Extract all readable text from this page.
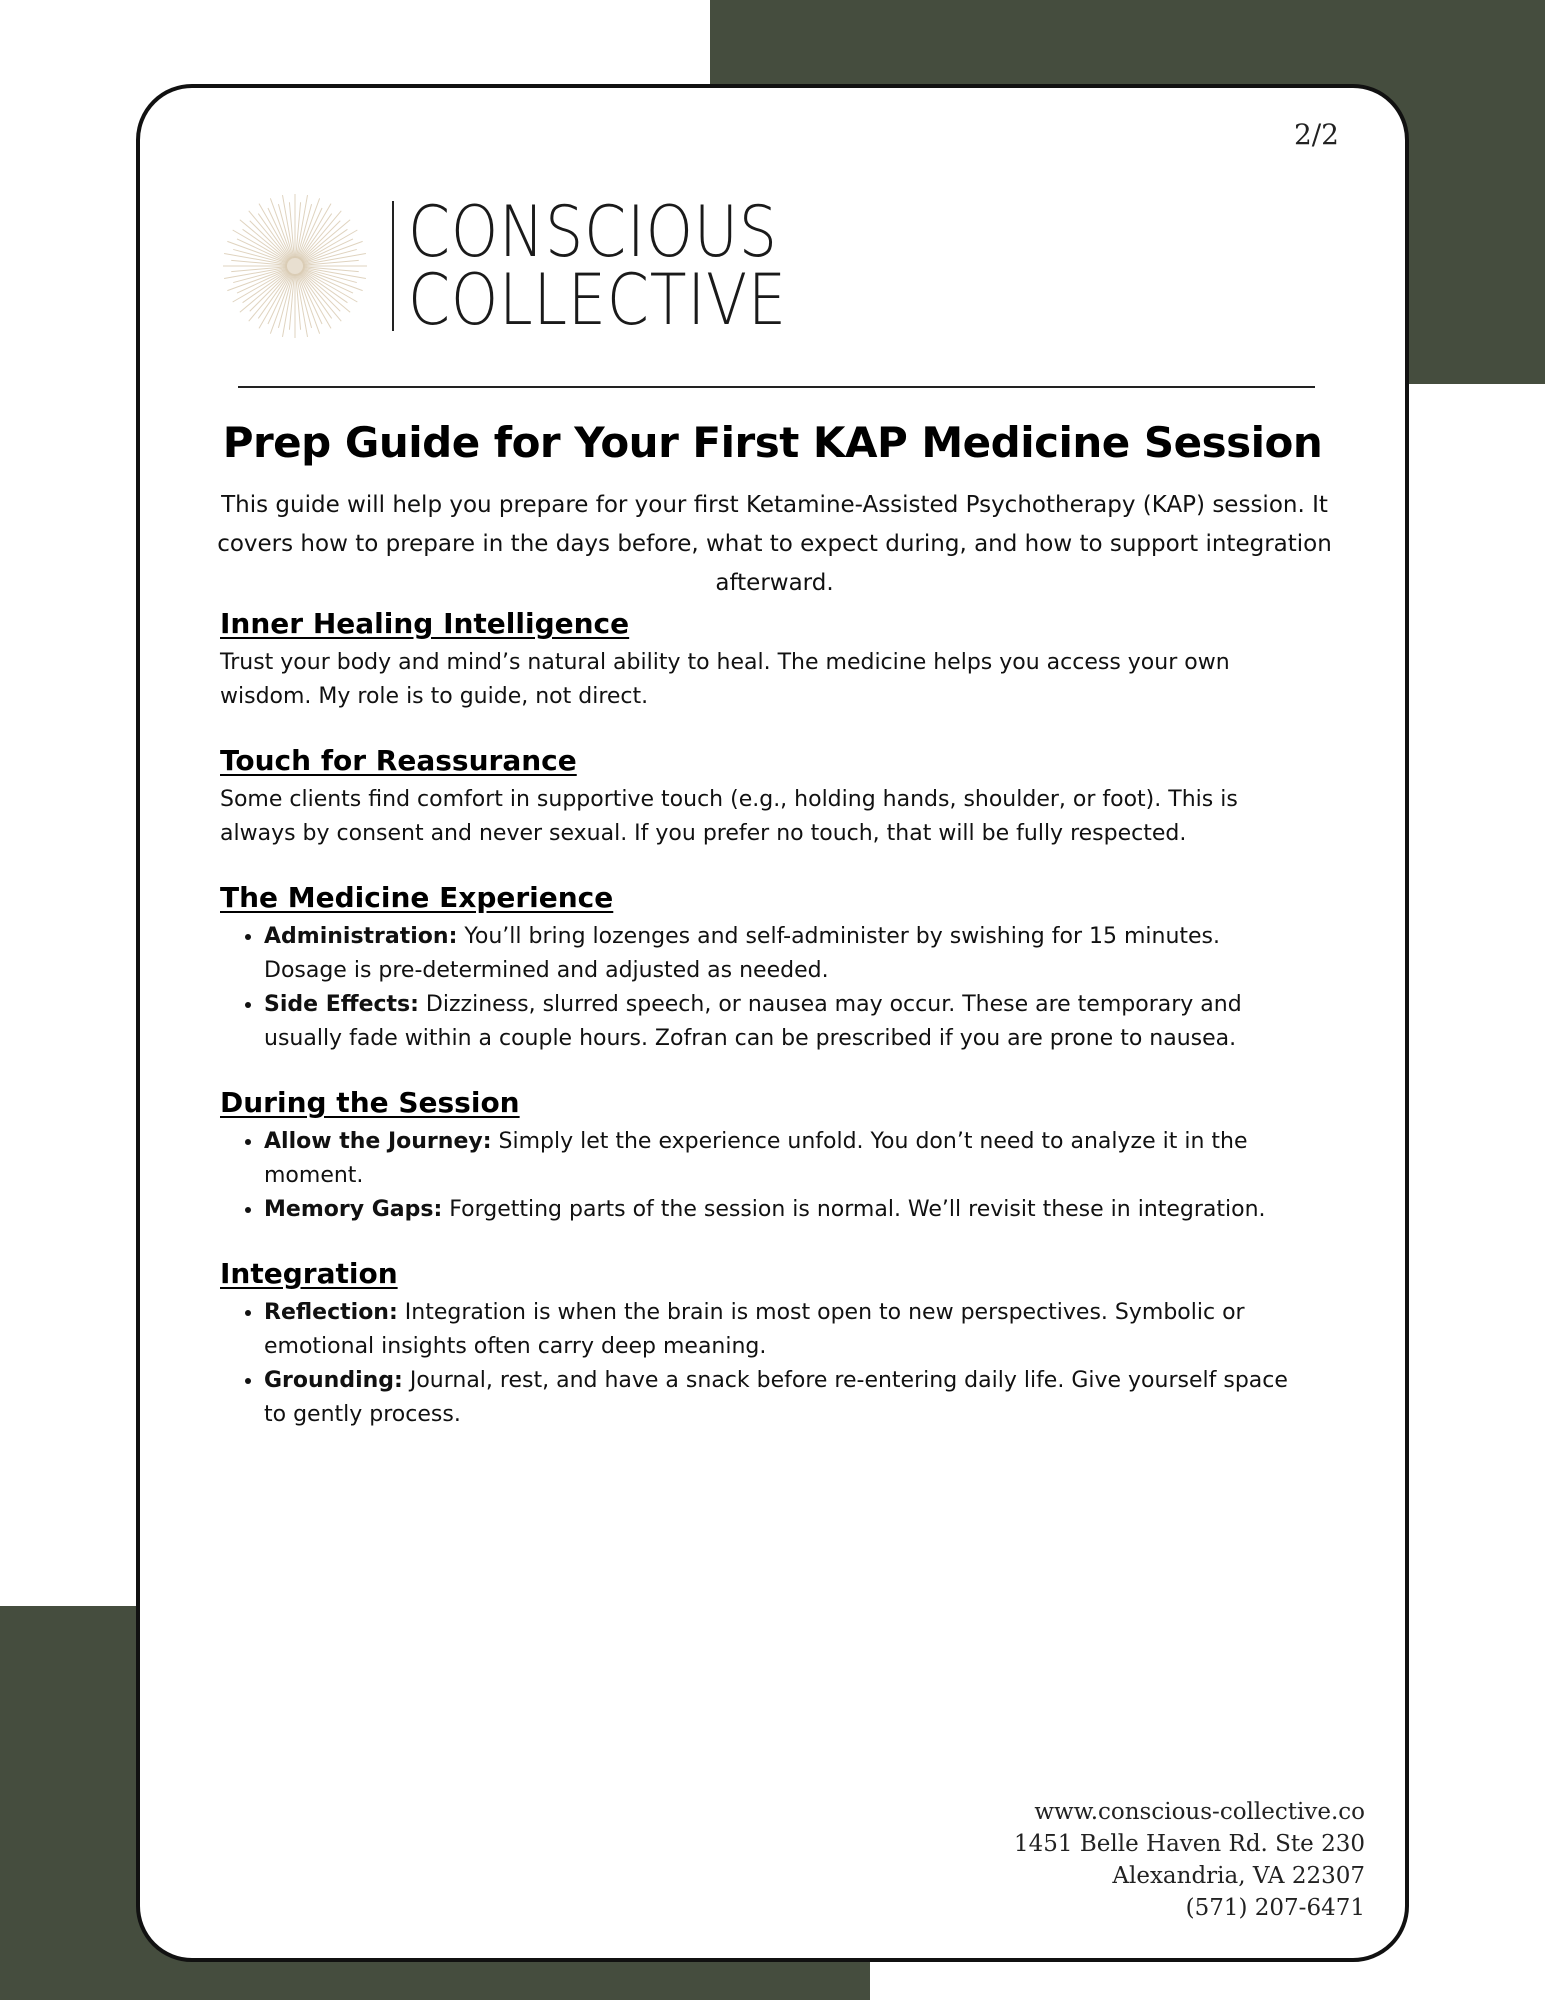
2/2
CONSCIOUS
COLLECTIVE
Prep Guide for Your First KAP Medicine Session
This guide will help you prepare for your first Ketamine-Assisted Psychotherapy (KAP) session. It covers how to prepare in the days before, what to expect during, and how to support integration afterward.
Inner Healing Intelligence

Trust your body and mind’s natural ability to heal. The medicine helps you access your own wisdom. My role is to guide, not direct.

Touch for Reassurance

Some clients find comfort in supportive touch (e.g., holding hands, shoulder, or foot). This is always by consent and never sexual. If you prefer no touch, that will be fully respected.

The Medicine Experience
• Administration: You’ll bring lozenges and self-administer by swishing for 15 minutes. Dosage is pre-determined and adjusted as needed.
• Side Effects: Dizziness, slurred speech, or nausea may occur. These are temporary and usually fade within a couple hours. Zofran can be prescribed if you are prone to nausea.
During the Session
• Allow the Journey: Simply let the experience unfold. You don’t need to analyze it in the moment.
• Memory Gaps: Forgetting parts of the session is normal. We’ll revisit these in integration.
Integration
• Reflection: Integration is when the brain is most open to new perspectives. Symbolic or emotional insights often carry deep meaning.
• Grounding: Journal, rest, and have a snack before re-entering daily life. Give yourself space to gently process.
www.conscious-collective.co
1451 Belle Haven Rd. Ste 230
Alexandria, VA 22307
(571) 207-6471
